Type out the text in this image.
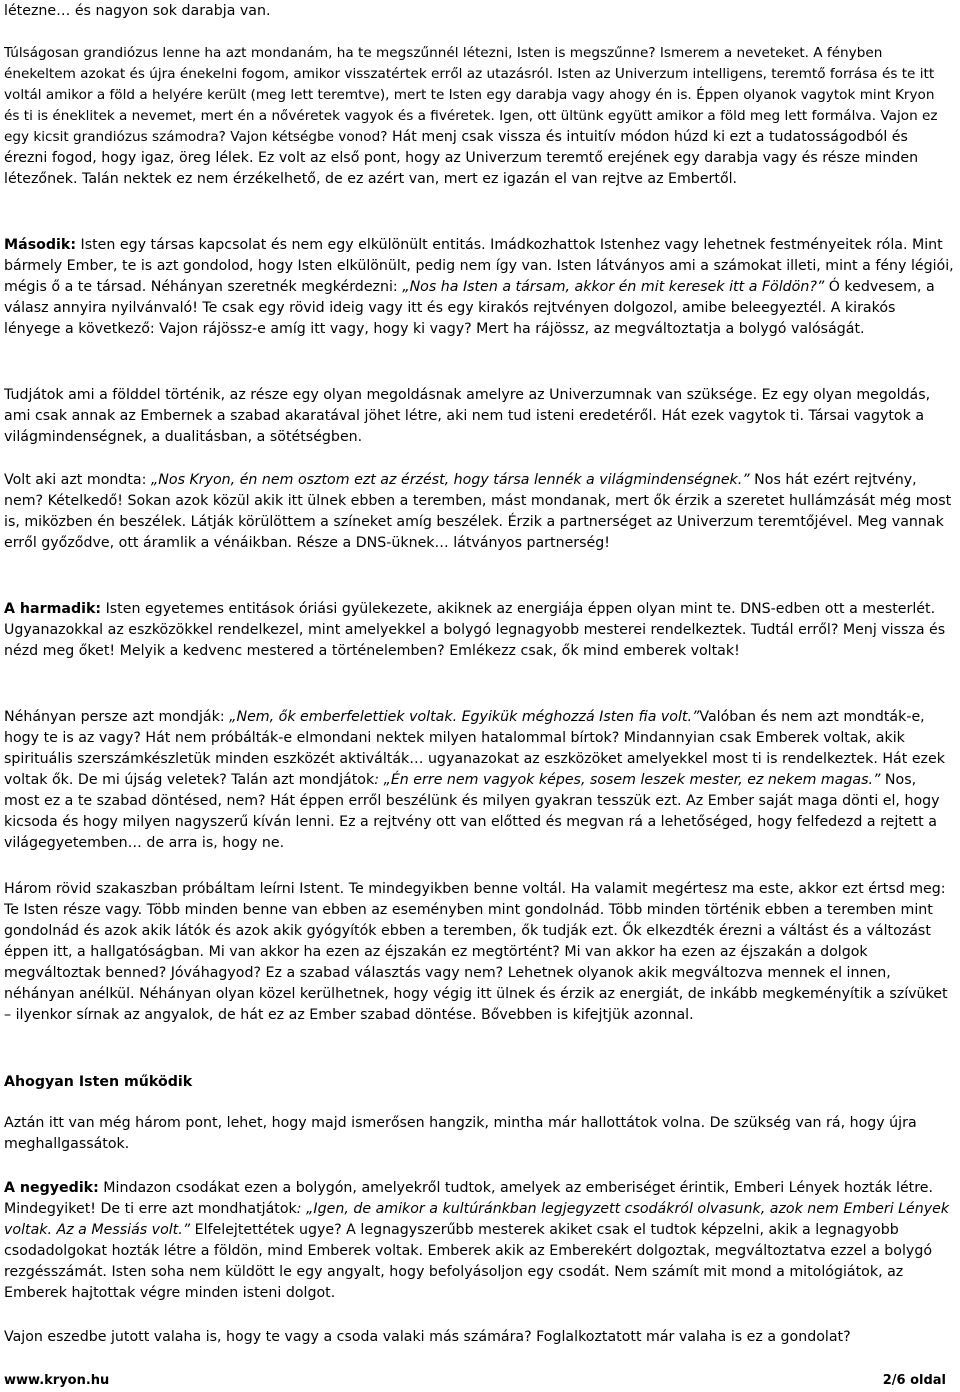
létezne… és nagyon sok darabja van.

Túlságosan grandiózus lenne ha azt mondanám, ha te megszűnnél létezni, Isten is megszűnne? Ismerem a neveteket. A fényben énekeltem azokat és újra énekelni fogom, amikor visszatértek erről az utazásról. Isten az Univerzum intelligens, teremtő forrása és te itt voltál amikor a föld a helyére került (meg lett teremtve), mert te Isten egy darabja vagy ahogy én is. Éppen olyanok vagytok mint Kryon és ti is éneklitek a nevemet, mert én a nővéretek vagyok és a fivéretek. Igen, ott ültünk együtt amikor a föld meg lett formálva. Vajon ez egy kicsit grandiózus számodra? Vajon kétségbe vonod? Hát menj csak vissza és intuitív módon húzd ki ezt a tudatosságodból és érezni fogod, hogy igaz, öreg lélek. Ez volt az első pont, hogy az Univerzum teremtő erejének egy darabja vagy és része minden létezőnek. Talán nektek ez nem érzékelhető, de ez azért van, mert ez igazán el van rejtve az Embertől.

Második: Isten egy társas kapcsolat és nem egy elkülönült entitás. Imádkozhattok Istenhez vagy lehetnek festményeitek róla. Mint bármely Ember, te is azt gondolod, hogy Isten elkülönült, pedig nem így van. Isten látványos ami a számokat illeti, mint a fény légiói, mégis ő a te társad. Néhányan szeretnék megkérdezni: „Nos ha Isten a társam, akkor én mit keresek itt a Földön?” Ó kedvesem, a válasz annyira nyilvánvaló! Te csak egy rövid ideig vagy itt és egy kirakós rejtvényen dolgozol, amibe beleegyeztél. A kirakós lényege a következő: Vajon rájössz-e amíg itt vagy, hogy ki vagy? Mert ha rájössz, az megváltoztatja a bolygó valóságát.

Tudjátok ami a földdel történik, az része egy olyan megoldásnak amelyre az Univerzumnak van szüksége. Ez egy olyan megoldás, ami csak annak az Embernek a szabad akaratával jöhet létre, aki nem tud isteni eredetéről. Hát ezek vagytok ti. Társai vagytok a világmindenségnek, a dualitásban, a sötétségben.

Volt aki azt mondta: „Nos Kryon, én nem osztom ezt az érzést, hogy társa lennék a világmindenségnek.” Nos hát ezért rejtvény, nem? Kételkedő! Sokan azok közül akik itt ülnek ebben a teremben, mást mondanak, mert ők érzik a szeretet hullámzását még most is, miközben én beszélek. Látják körülöttem a színeket amíg beszélek. Érzik a partnerséget az Univerzum teremtőjével. Meg vannak erről győződve, ott áramlik a vénáikban. Része a DNS-üknek… látványos partnerség!

A harmadik: Isten egyetemes entitások óriási gyülekezete, akiknek az energiája éppen olyan mint te. DNS-edben ott a mesterlét. Ugyanazokkal az eszközökkel rendelkezel, mint amelyekkel a bolygó legnagyobb mesterei rendelkeztek. Tudtál erről? Menj vissza és nézd meg őket! Melyik a kedvenc mestered a történelemben? Emlékezz csak, ők mind emberek voltak!

Néhányan persze azt mondják: „Nem, ők emberfelettiek voltak. Egyikük méghozzá Isten fia volt.”Valóban és nem azt mondták-e, hogy te is az vagy? Hát nem próbálták-e elmondani nektek milyen hatalommal bírtok? Mindannyian csak Emberek voltak, akik spirituális szerszámkészletük minden eszközét aktiválták… ugyanazokat az eszközöket amelyekkel most ti is rendelkeztek. Hát ezek voltak ők. De mi újság veletek? Talán azt mondjátok: „Én erre nem vagyok képes, sosem leszek mester, ez nekem magas.” Nos, most ez a te szabad döntésed, nem? Hát éppen erről beszélünk és milyen gyakran tesszük ezt. Az Ember saját maga dönti el, hogy kicsoda és hogy milyen nagyszerű kíván lenni. Ez a rejtvény ott van előtted és megvan rá a lehetőséged, hogy felfedezd a rejtett a világegyetemben… de arra is, hogy ne.

Három rövid szakaszban próbáltam leírni Istent. Te mindegyikben benne voltál. Ha valamit megértesz ma este, akkor ezt értsd meg: Te Isten része vagy. Több minden benne van ebben az eseményben mint gondolnád. Több minden történik ebben a teremben mint gondolnád és azok akik látók és azok akik gyógyítók ebben a teremben, ők tudják ezt. Ők elkezdték érezni a váltást és a változást éppen itt, a hallgatóságban. Mi van akkor ha ezen az éjszakán ez megtörtént? Mi van akkor ha ezen az éjszakán a dolgok megváltoztak benned? Jóváhagyod? Ez a szabad választás vagy nem? Lehetnek olyanok akik megváltozva mennek el innen, néhányan anélkül. Néhányan olyan közel kerülhetnek, hogy végig itt ülnek és érzik az energiát, de inkább megkeményítik a szívüket – ilyenkor sírnak az angyalok, de hát ez az Ember szabad döntése. Bővebben is kifejtjük azonnal.

Ahogyan Isten működik

Aztán itt van még három pont, lehet, hogy majd ismerősen hangzik, mintha már hallottátok volna. De szükség van rá, hogy újra meghallgassátok.

A negyedik: Mindazon csodákat ezen a bolygón, amelyekről tudtok, amelyek az emberiséget érintik, Emberi Lények hozták létre. Mindegyiket! De ti erre azt mondhatjátok: „Igen, de amikor a kultúránkban legjegyzett csodákról olvasunk, azok nem Emberi Lények voltak. Az a Messiás volt.” Elfelejtettétek ugye? A legnagyszerűbb mesterek akiket csak el tudtok képzelni, akik a legnagyobb csodadolgokat hozták létre a földön, mind Emberek voltak. Emberek akik az Emberekért dolgoztak, megváltoztatva ezzel a bolygó rezgésszámát. Isten soha nem küldött le egy angyalt, hogy befolyásoljon egy csodát. Nem számít mit mond a mitológiátok, az Emberek hajtottak végre minden isteni dolgot.

Vajon eszedbe jutott valaha is, hogy te vagy a csoda valaki más számára? Foglalkoztatott már valaha is ez a gondolat?

www.kryon.hu	2/6 oldal
